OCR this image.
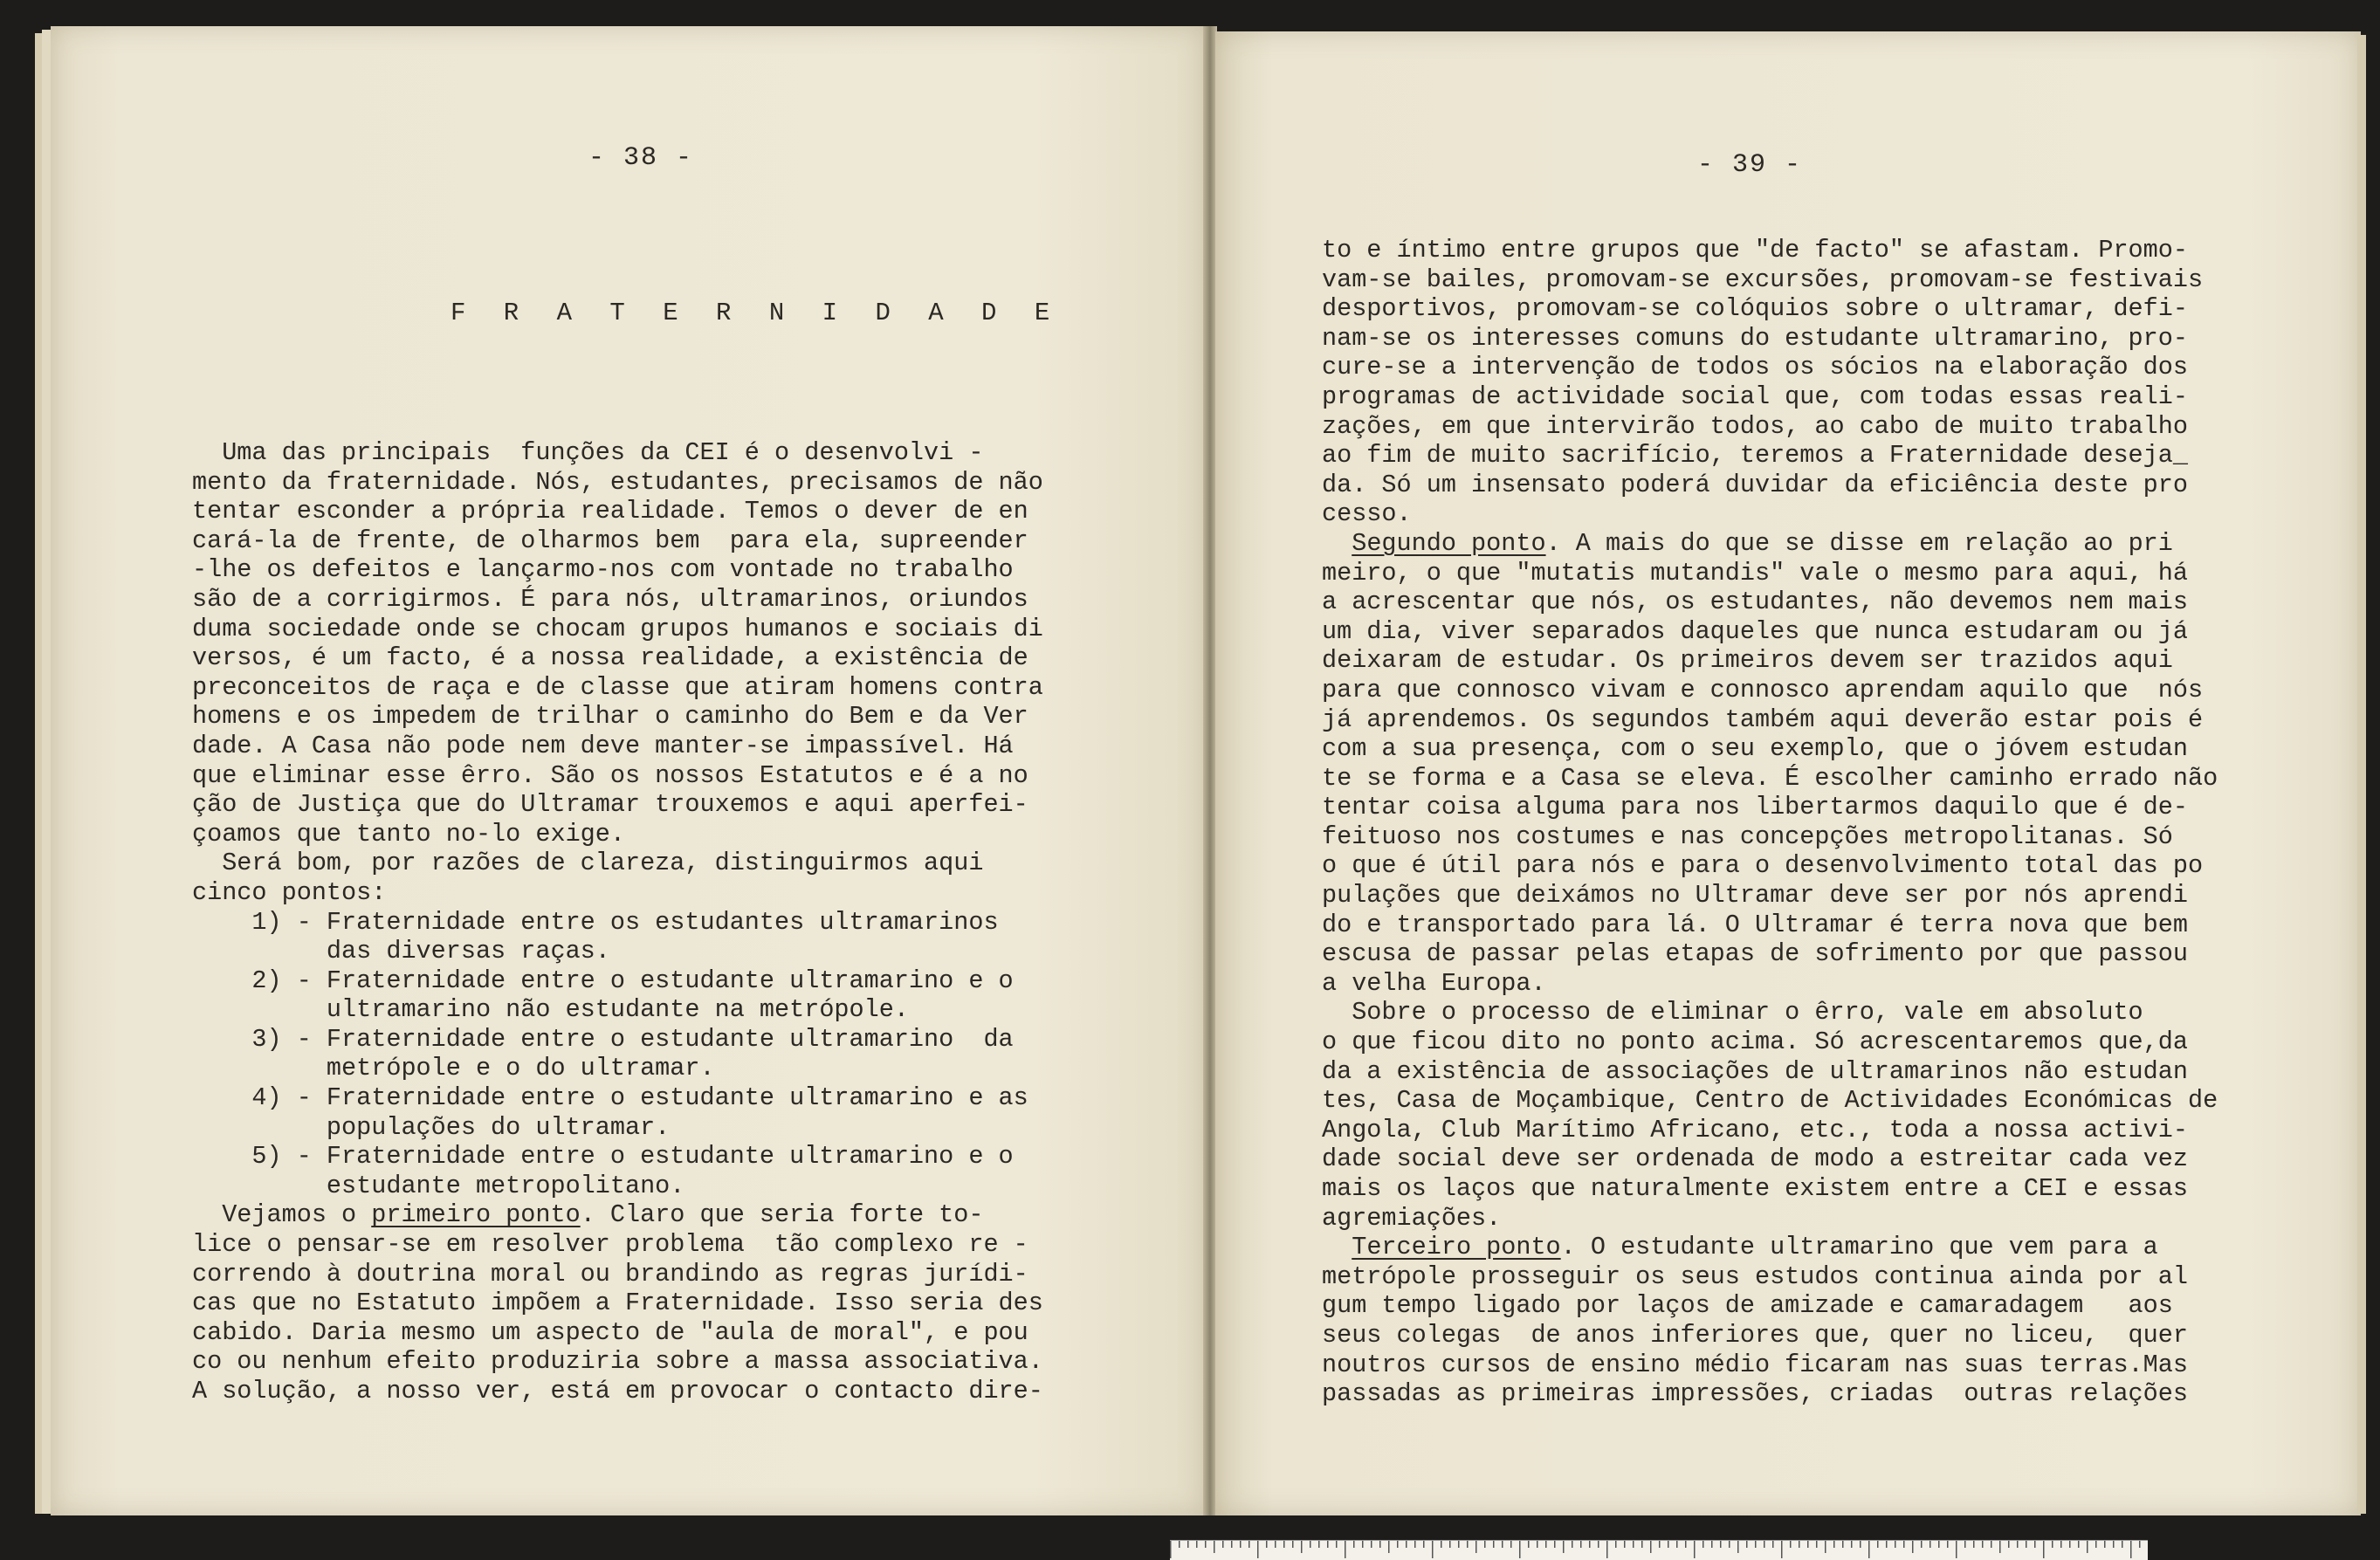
- 38 -
F R A T E R N I D A D E
Uma das principais  funções da CEI é o desenvolvi -
mento da fraternidade. Nós, estudantes, precisamos de não
tentar esconder a própria realidade. Temos o dever de en
cará-la de frente, de olharmos bem  para ela, supreender
-lhe os defeitos e lançarmo-nos com vontade no trabalho
são de a corrigirmos. É para nós, ultramarinos, oriundos
duma sociedade onde se chocam grupos humanos e sociais di
versos, é um facto, é a nossa realidade, a existência de
preconceitos de raça e de classe que atiram homens contra
homens e os impedem de trilhar o caminho do Bem e da Ver
dade. A Casa não pode nem deve manter-se impassível. Há
que eliminar esse êrro. São os nossos Estatutos e é a no
ção de Justiça que do Ultramar trouxemos e aqui aperfei-
çoamos que tanto no-lo exige.
Será bom, por razões de clareza, distinguirmos aqui
cinco pontos:
1) - Fraternidade entre os estudantes ultramarinos
das diversas raças.
2) - Fraternidade entre o estudante ultramarino e o
ultramarino não estudante na metrópole.
3) - Fraternidade entre o estudante ultramarino  da
metrópole e o do ultramar.
4) - Fraternidade entre o estudante ultramarino e as
populações do ultramar.
5) - Fraternidade entre o estudante ultramarino e o
estudante metropolitano.
Vejamos o primeiro ponto. Claro que seria forte to-
lice o pensar-se em resolver problema  tão complexo re -
correndo à doutrina moral ou brandindo as regras jurídi-
cas que no Estatuto impõem a Fraternidade. Isso seria des
cabido. Daria mesmo um aspecto de "aula de moral", e pou
co ou nenhum efeito produziria sobre a massa associativa.
A solução, a nosso ver, está em provocar o contacto dire-
- 39 -
to e íntimo entre grupos que "de facto" se afastam. Promo-
vam-se bailes, promovam-se excursões, promovam-se festivais
desportivos, promovam-se colóquios sobre o ultramar, defi-
nam-se os interesses comuns do estudante ultramarino, pro-
cure-se a intervenção de todos os sócios na elaboração dos
programas de actividade social que, com todas essas reali-
zações, em que intervirão todos, ao cabo de muito trabalho
ao fim de muito sacrifício, teremos a Fraternidade deseja_
da. Só um insensato poderá duvidar da eficiência deste pro
cesso.
Segundo ponto. A mais do que se disse em relação ao pri
meiro, o que "mutatis mutandis" vale o mesmo para aqui, há
a acrescentar que nós, os estudantes, não devemos nem mais
um dia, viver separados daqueles que nunca estudaram ou já
deixaram de estudar. Os primeiros devem ser trazidos aqui
para que connosco vivam e connosco aprendam aquilo que  nós
já aprendemos. Os segundos também aqui deverão estar pois é
com a sua presença, com o seu exemplo, que o jóvem estudan
te se forma e a Casa se eleva. É escolher caminho errado não
tentar coisa alguma para nos libertarmos daquilo que é de-
feituoso nos costumes e nas concepções metropolitanas. Só
o que é útil para nós e para o desenvolvimento total das po
pulações que deixámos no Ultramar deve ser por nós aprendi
do e transportado para lá. O Ultramar é terra nova que bem
escusa de passar pelas etapas de sofrimento por que passou
a velha Europa.
Sobre o processo de eliminar o êrro, vale em absoluto
o que ficou dito no ponto acima. Só acrescentaremos que,da
da a existência de associações de ultramarinos não estudan
tes, Casa de Moçambique, Centro de Actividades Económicas de
Angola, Club Marítimo Africano, etc., toda a nossa activi-
dade social deve ser ordenada de modo a estreitar cada vez
mais os laços que naturalmente existem entre a CEI e essas
agremiações.
Terceiro ponto. O estudante ultramarino que vem para a
metrópole prosseguir os seus estudos continua ainda por al
gum tempo ligado por laços de amizade e camaradagem   aos
seus colegas  de anos inferiores que, quer no liceu,  quer
noutros cursos de ensino médio ficaram nas suas terras.Mas
passadas as primeiras impressões, criadas  outras relações
